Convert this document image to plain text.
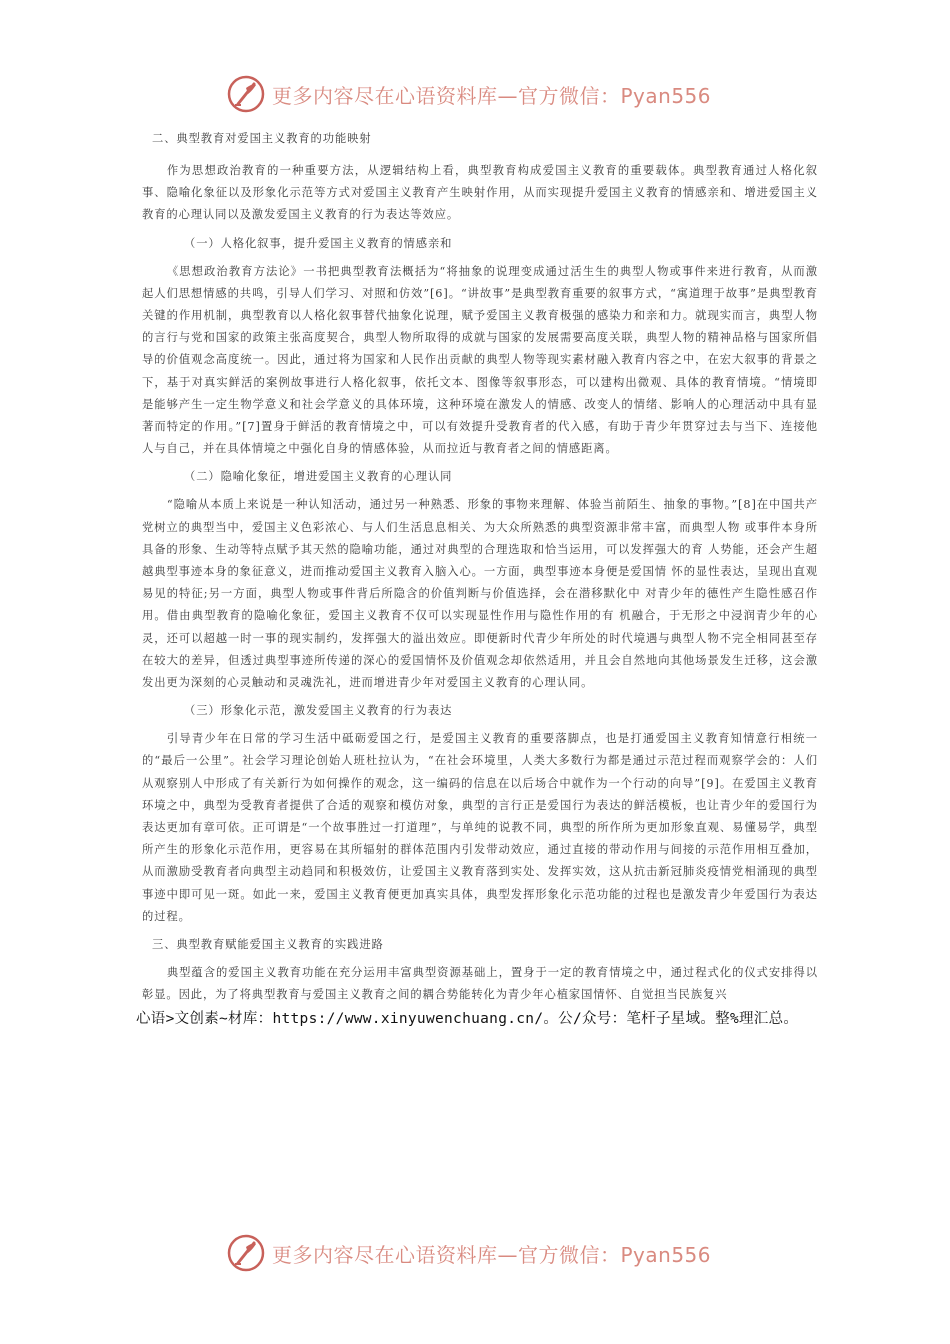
更多内容尽在心语资料库—官方微信：Pyan556

二、典型教育对爱国主义教育的功能映射

作为思想政治教育的一种重要方法，从逻辑结构上看，典型教育构成爱国主义教育的重要载体。典型教育通过人格化叙事、隐喻化象征以及形象化示范等方式对爱国主义教育产生映射作用，从而实现提升爱国主义教育的情感亲和、增进爱国主义教育的心理认同以及激发爱国主义教育的行为表达等效应。

（一）人格化叙事，提升爱国主义教育的情感亲和

《思想政治教育方法论》一书把典型教育法概括为“将抽象的说理变成通过活生生的典型人物或事件来进行教育，从而激起人们思想情感的共鸣，引导人们学习、对照和仿效”[6]。“讲故事”是典型教育重要的叙事方式，“寓道理于故事”是典型教育关键的作用机制，典型教育以人格化叙事替代抽象化说理，赋予爱国主义教育极强的感染力和亲和力。就现实而言，典型人物的言行与党和国家的政策主张高度契合，典型人物所取得的成就与国家的发展需要高度关联，典型人物的精神品格与国家所倡导的价值观念高度统一。因此，通过将为国家和人民作出贡献的典型人物等现实素材融入教育内容之中，在宏大叙事的背景之下，基于对真实鲜活的案例故事进行人格化叙事，依托文本、图像等叙事形态，可以建构出微观、具体的教育情境。“情境即是能够产生一定生物学意义和社会学意义的具体环境，这种环境在激发人的情感、改变人的情绪、影响人的心理活动中具有显著而特定的作用。”[7]置身于鲜活的教育情境之中，可以有效提升受教育者的代入感，有助于青少年贯穿过去与当下、连接他人与自己，并在具体情境之中强化自身的情感体验，从而拉近与教育者之间的情感距离。

（二）隐喻化象征，增进爱国主义教育的心理认同

“隐喻从本质上来说是一种认知活动，通过另一种熟悉、形象的事物来理解、体验当前陌生、抽象的事物。”[8]在中国共产党树立的典型当中，爱国主义色彩浓心、与人们生活息息相关、为大众所熟悉的典型资源非常丰富，而典型人物 或事件本身所具备的形象、生动等特点赋予其天然的隐喻功能，通过对典型的合理选取和恰当运用，可以发挥强大的育 人势能，还会产生超越典型事迹本身的象征意义，进而推动爱国主义教育入脑入心。一方面，典型事迹本身便是爱国情 怀的显性表达，呈现出直观易见的特征;另一方面，典型人物或事件背后所隐含的价值判断与价值选择，会在潜移默化中 对青少年的德性产生隐性感召作用。借由典型教育的隐喻化象征，爱国主义教育不仅可以实现显性作用与隐性作用的有 机融合，于无形之中浸润青少年的心灵，还可以超越一时一事的现实制约，发挥强大的溢出效应。即便新时代青少年所处的时代境遇与典型人物不完全相同甚至存在较大的差异，但透过典型事迹所传递的深心的爱国情怀及价值观念却依然适用，并且会自然地向其他场景发生迁移，这会激发出更为深刻的心灵触动和灵魂洗礼，进而增进青少年对爱国主义教育的心理认同。

（三）形象化示范，激发爱国主义教育的行为表达

引导青少年在日常的学习生活中砥砺爱国之行，是爱国主义教育的重要落脚点，也是打通爱国主义教育知情意行相统一的“最后一公里”。社会学习理论创始人班杜拉认为，“在社会环境里，人类大多数行为都是通过示范过程而观察学会的：人们从观察别人中形成了有关新行为如何操作的观念，这一编码的信息在以后场合中就作为一个行动的向导”[9]。在爱国主义教育环境之中，典型为受教育者提供了合适的观察和模仿对象，典型的言行正是爱国行为表达的鲜活模板，也让青少年的爱国行为表达更加有章可依。正可谓是“一个故事胜过一打道理”，与单纯的说教不同，典型的所作所为更加形象直观、易懂易学，典型所产生的形象化示范作用，更容易在其所辐射的群体范围内引发带动效应，通过直接的带动作用与间接的示范作用相互叠加，从而激励受教育者向典型主动趋同和积极效仿，让爱国主义教育落到实处、发挥实效，这从抗击新冠肺炎疫情党相涌现的典型事迹中即可见一斑。如此一来，爱国主义教育便更加真实具体，典型发挥形象化示范功能的过程也是激发青少年爱国行为表达的过程。

三、典型教育赋能爱国主义教育的实践进路

典型蕴含的爱国主义教育功能在充分运用丰富典型资源基础上，置身于一定的教育情境之中，通过程式化的仪式安排得以彰显。因此，为了将典型教育与爱国主义教育之间的耦合势能转化为青少年心植家国情怀、自觉担当民族复兴

心语>文创素~材库：https://www.xinyuwenchuang.cn/。公/众号：笔杆子星域。整%理汇总。

更多内容尽在心语资料库—官方微信：Pyan556
